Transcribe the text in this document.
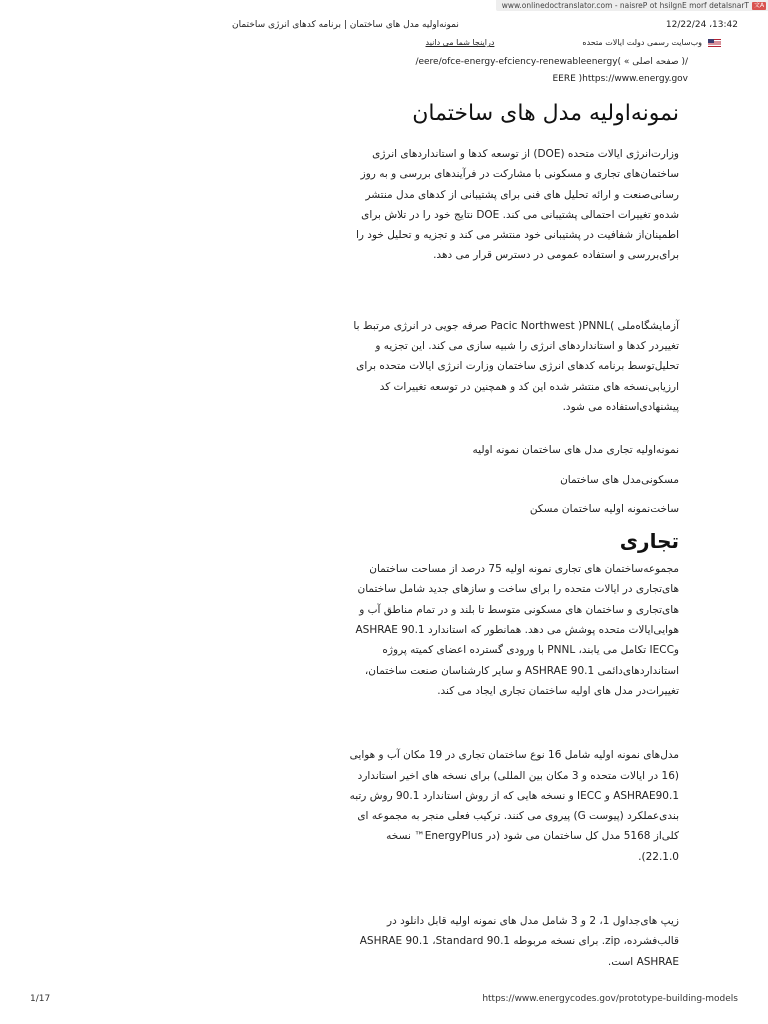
www.onlinedoctranslator.com - naisreP ot hsilgnE morf detalsnarT 文A
نمونه‌اولیه مدل های ساختمان | برنامه کدهای انرژی ساختمان	12/22/24 ،13:42
دراینجا شما می دانید	وب‌سایت رسمی دولت ایالات متحده
/eere/ofce-energy-efciency-renewableenergy( « صفحه اصلی )/
EERE )https://www.energy.gov
نمونه‌اولیه مدل های ساختمان

وزارت‌انرژی ایالات متحده (DOE) از توسعه کدها و استانداردهای انرژی
ساختمان‌های تجاری و مسکونی با مشارکت در فرآیندهای بررسی و به روز
رسانی‌صنعت و ارائه تحلیل های فنی برای پشتیبانی از کدهای مدل منتشر
شده‌و تغییرات احتمالی پشتیبانی می کند. DOE نتایج خود را در تلاش برای
اطمینان‌از شفافیت در پشتیبانی خود منتشر می کند و تجزیه و تحلیل خود را
برای‌بررسی و استفاده عمومی در دسترس قرار می دهد.

آزمایشگاه‌ملی )Pacic Northwest )PNNL صرفه جویی در انرژی مرتبط با
تغییر‌در کدها و استانداردهای انرژی را شبیه سازی می کند. این تجزیه و
تحلیل‌توسط برنامه کدهای انرژی ساختمان وزارت انرژی ایالات متحده برای
ارزیابی‌نسخه های منتشر شده این کد و همچنین در توسعه تغییرات کد
پیشنهادی‌استفاده می شود.

نمونه‌اولیه تجاری مدل های ساختمان نمونه اولیه

مسکونی‌مدل های ساختمان

ساخت‌نمونه اولیه ساختمان مسکن

تجاری

مجموعه‌ساختمان های تجاری نمونه اولیه 75 درصد از مساحت ساختمان
های‌تجاری در ایالات متحده را برای ساخت و سازهای جدید شامل ساختمان
های‌تجاری و ساختمان های مسکونی متوسط تا بلند و در تمام مناطق آب و
هوایی‌ایالات متحده پوشش می دهد. همانطور که استاندارد ASHRAE 90.1
و‌IECC تکامل می یابند، PNNL با ورودی گسترده اعضای کمیته پروژه
استانداردهای‌دائمی ASHRAE 90.1 و سایر کارشناسان صنعت ساختمان،
تغییرات‌در مدل های اولیه ساختمان تجاری ایجاد می کند.

مدل‌های نمونه اولیه شامل 16 نوع ساختمان تجاری در 19 مکان آب و هوایی
(16 در ایالات متحده و 3 مکان بین المللی) برای نسخه های اخیر استاندارد
ASHRAE90.1 و IECC و نسخه هایی که از روش استاندارد 90.1 روش رتبه
بندی‌عملکرد (پیوست G) پیروی می کنند. ترکیب فعلی منجر به مجموعه ای
کلی‌از 5168 مدل کل ساختمان می شود (در EnergyPlus™ نسخه 22.1.0).

زیپ های‌جداول 1، 2 و 3 شامل مدل های نمونه اولیه قابل دانلود در
قالب‌فشرده، zip. برای نسخه مربوطه ASHRAE 90.1 ،Standard 90.1
ASHRAE است.

1/17	https://www.energycodes.gov/prototype-building-models
